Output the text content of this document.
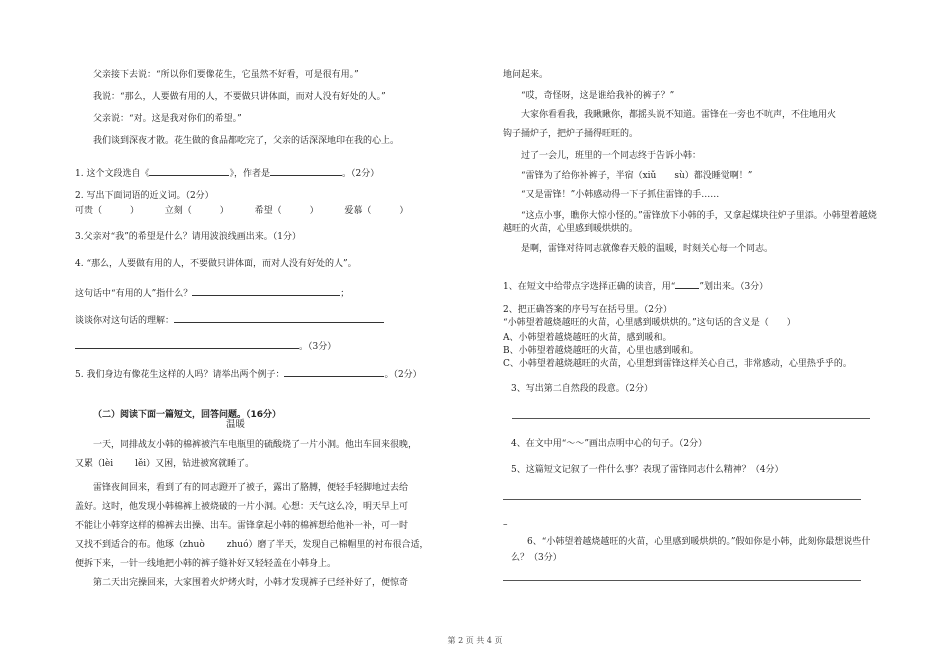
父亲接下去说：“所以你们要像花生，它虽然不好看，可是很有用。”
我说：“那么，人要做有用的人，不要做只讲体面，而对人没有好处的人。”
父亲说：“对。这是我对你们的希望。”
我们谈到深夜才散。花生做的食品都吃完了，父亲的话深深地印在我的心上。
1. 这个文段选自《	》，作者是	。（2分）
2. 写出下面词语的近义词。（2分）
可贵（	）	立刻（	）	希望（	）	爱慕（	）
3.父亲对“我”的希望是什么？请用波浪线画出来。（1分）
4. “那么，人要做有用的人，不要做只讲体面，而对人没有好处的人”。
这句话中“有用的人”指什么？	；
谈谈你对这句话的理解：
。（3分）
5. 我们身边有像花生这样的人吗？请举出两个例子：	。（2分）
（二）阅读下面一篇短文，回答问题。（16分）
温暖
一天，同排战友小韩的棉裤被汽车电瓶里的硫酸烧了一片小洞。他出车回来很晚，
又累（lèi lěi）又困，钻进被窝就睡了。
雷锋夜间回来，看到了有的同志蹬开了被子，露出了胳膊，便轻手轻脚地过去给
盖好。这时，他发现小韩棉裤上被烧破的一片小洞。心想：天气这么冷，明天早上可
不能让小韩穿这样的棉裤去出操、出车。雷锋拿起小韩的棉裤想给他补一补，可一时
又找不到适合的布。他琢（zhuò zhuó）磨了半天，发现自己棉帽里的衬布很合适，
便拆下来，一针一线地把小韩的裤子缝补好又轻轻盖在小韩身上。
第二天出完操回来，大家围着火炉烤火时，小韩才发现裤子已经补好了，便惊奇
地问起来。
“哎，奇怪呀，这是谁给我补的裤子？”
大家你看看我，我瞅瞅你，都摇头说不知道。雷锋在一旁也不吭声，不住地用火
钩子捅炉子，把炉子捅得旺旺的。
过了一会儿，班里的一个同志终于告诉小韩：
“雷锋为了给你补裤子，半宿（xiǔ　　sù）都没睡觉啊！”
“又是雷锋！”小韩感动得一下子抓住雷锋的手……
“这点小事，瞧你大惊小怪的。”雷锋放下小韩的手，又拿起煤块往炉子里添。小韩望着越烧
越旺的火苗，心里感到暖烘烘的。
是啊，雷锋对待同志就像春天般的温暖，时刻关心每一个同志。
1、在短文中给带点字选择正确的读音，用“	”划出来。（3分）
2、把正确答案的序号写在括号里。（2分）
“小韩望着越烧越旺的火苗，心里感到暖烘烘的。”这句话的含义是（　　）
A、小韩望着越烧越旺的火苗，感到暖和。
B、小韩望着越烧越旺的火苗，心里也感到暖和。
C、小韩望着越烧越旺的火苗，心里想到雷锋这样关心自己，非常感动，心里热乎乎的。
3、写出第二自然段的段意。（2分）
4、在文中用“～～”画出点明中心的句子。（2分）
5、这篇短文记叙了一件什么事？表现了雷锋同志什么精神？（4分）
–
6、“小韩望着越烧越旺的火苗，心里感到暖烘烘的。”假如你是小韩，此刻你最想说些什
么？（3分）
第 2 页 共 4 页
